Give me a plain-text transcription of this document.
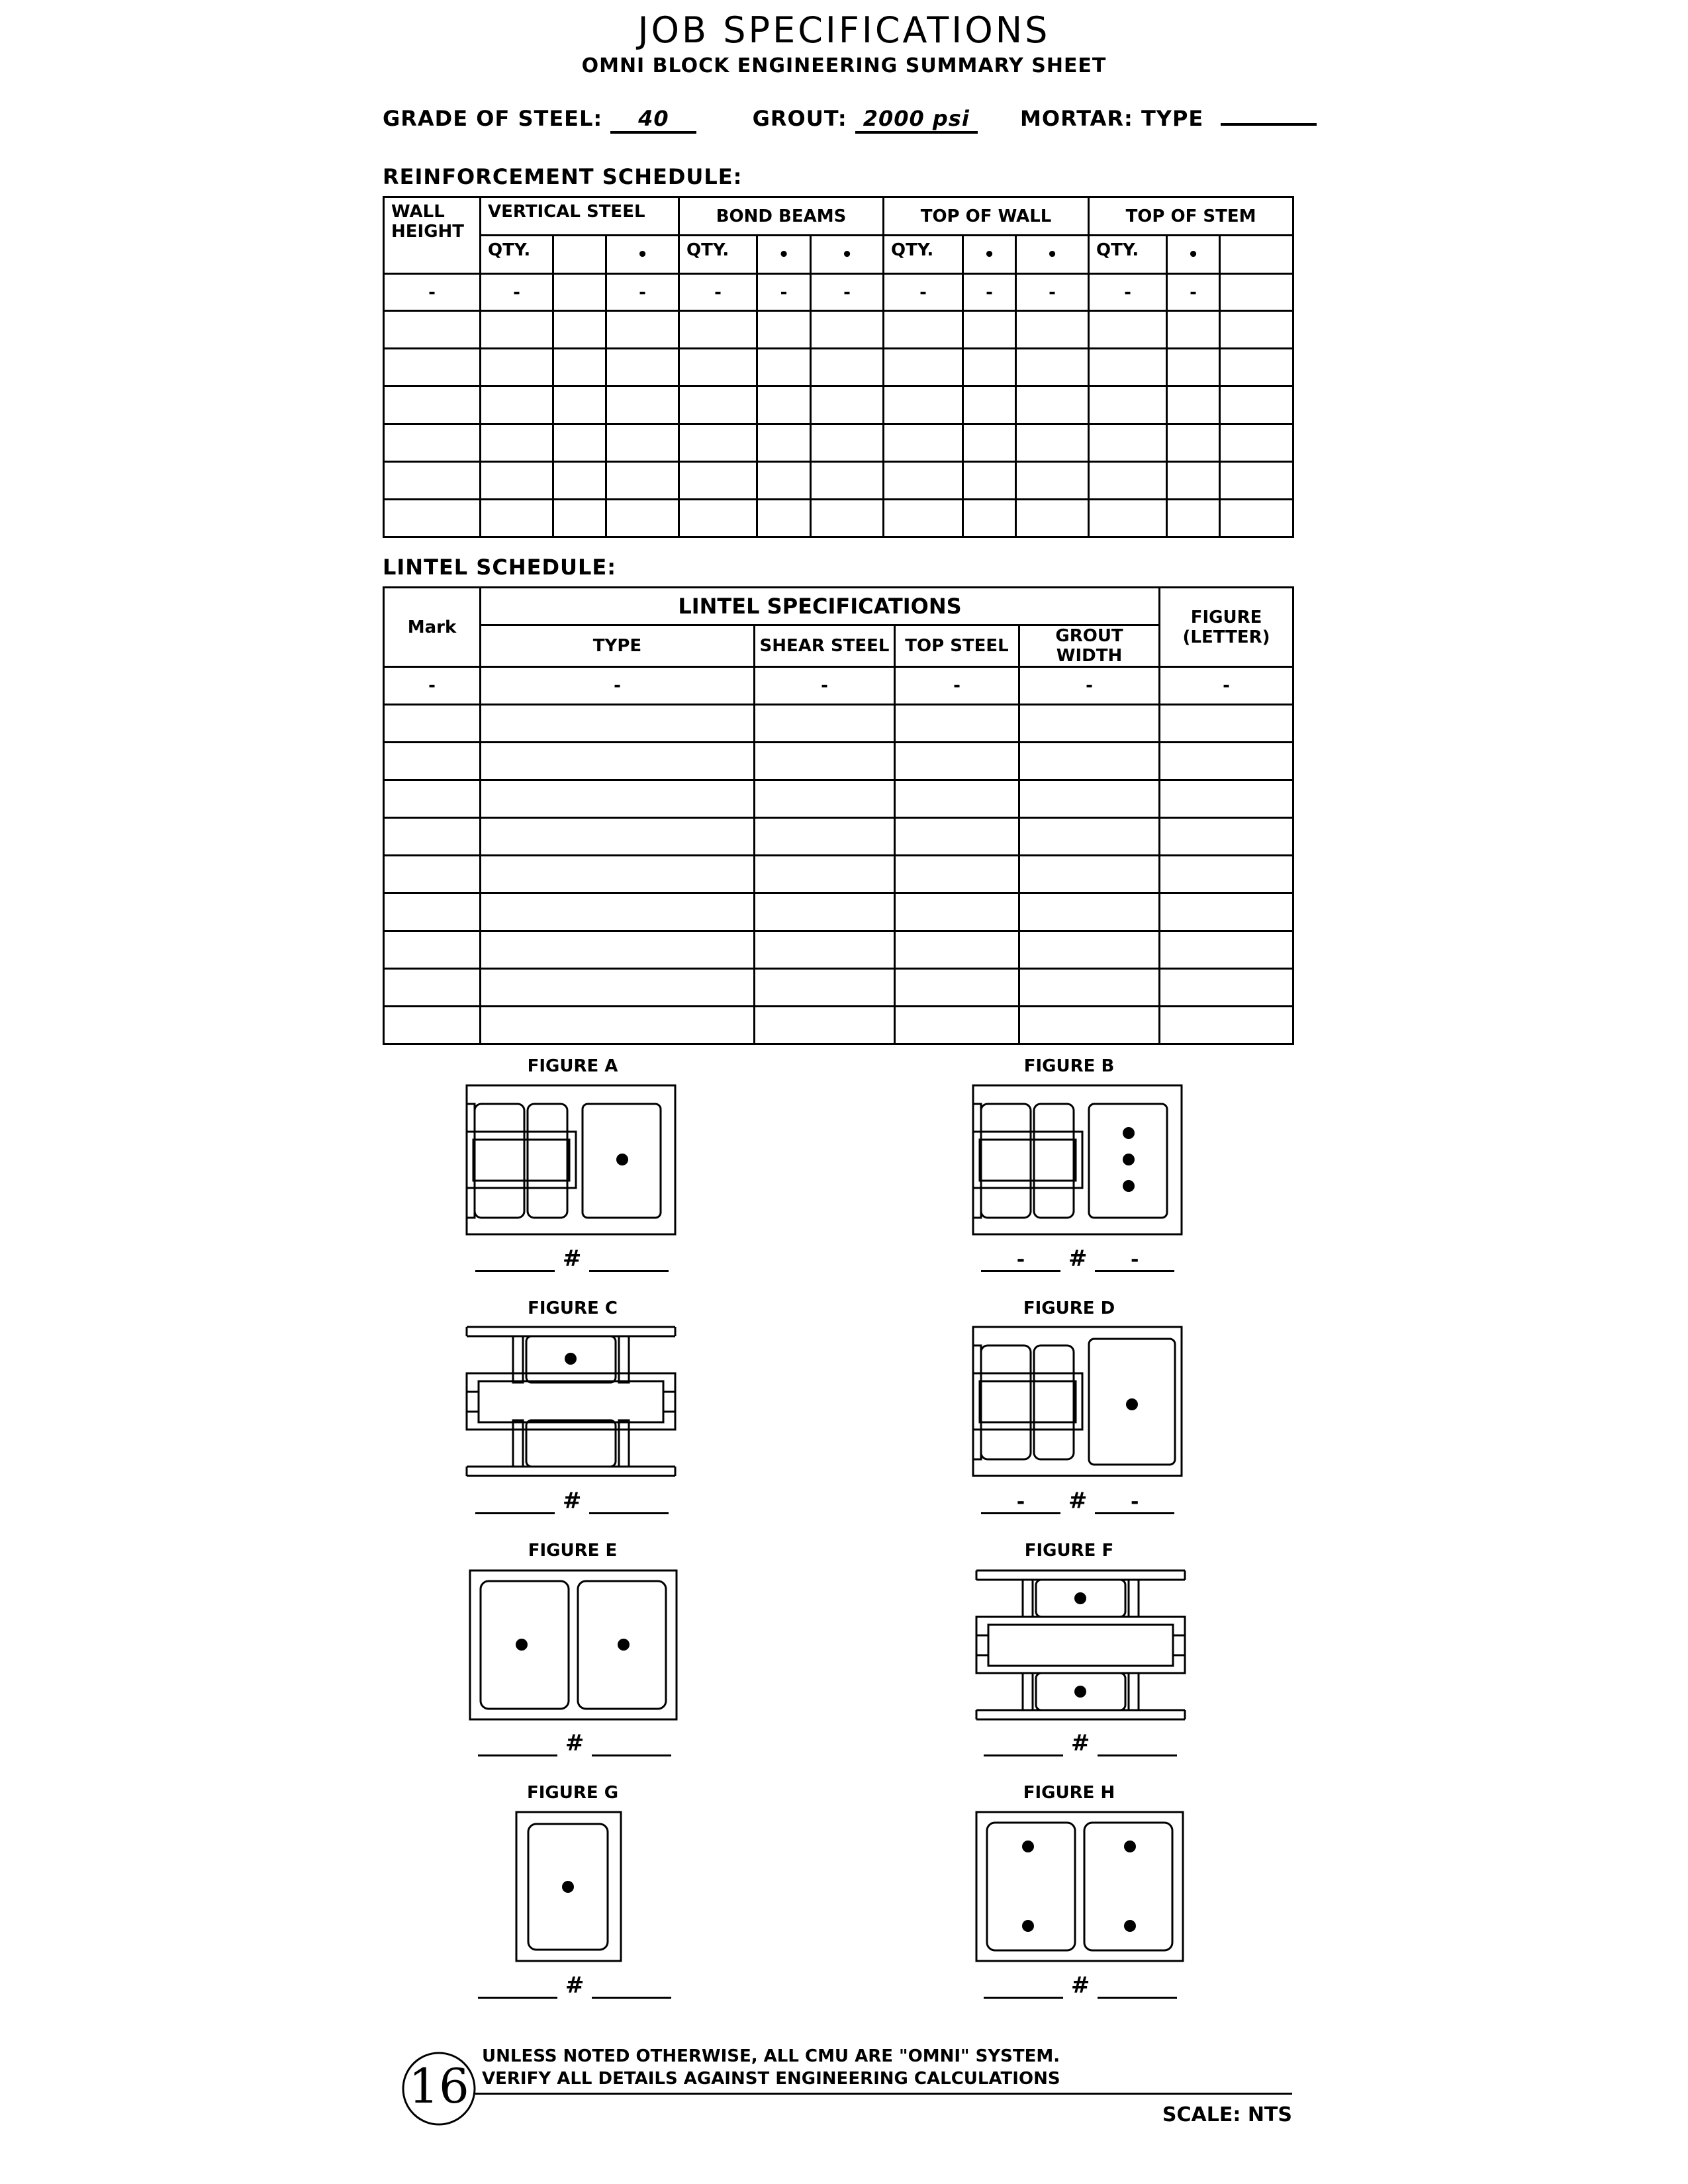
JOB SPECIFICATIONS
OMNI BLOCK ENGINEERING SUMMARY SHEET
GRADE OF STEEL: 40	GROUT: 2000 psi MORTAR: TYPE
REINFORCEMENT SCHEDULE:
WALL HEIGHT	VERTICAL STEEL			BOND BEAMS			TOP OF WALL			TOP OF STEM		
	QTY.		•	QTY.	•	•	QTY.	•	•	QTY.	•	
-	-		-	-	-	-	-	-	-	-	-	

LINTEL SCHEDULE:
Mark	LINTEL SPECIFICATIONS				FIGURE (LETTER)
	TYPE	SHEAR STEEL	TOP STEEL	GROUT WIDTH	
-	-	-	-	-	-

FIGURE A
#
FIGURE B
- # -
FIGURE C
#
FIGURE D
- # -
FIGURE E
#
FIGURE F
#
FIGURE G
#
FIGURE H
#
16
UNLESS NOTED OTHERWISE, ALL CMU ARE "OMNI" SYSTEM.
VERIFY ALL DETAILS AGAINST ENGINEERING CALCULATIONS
SCALE: NTS
